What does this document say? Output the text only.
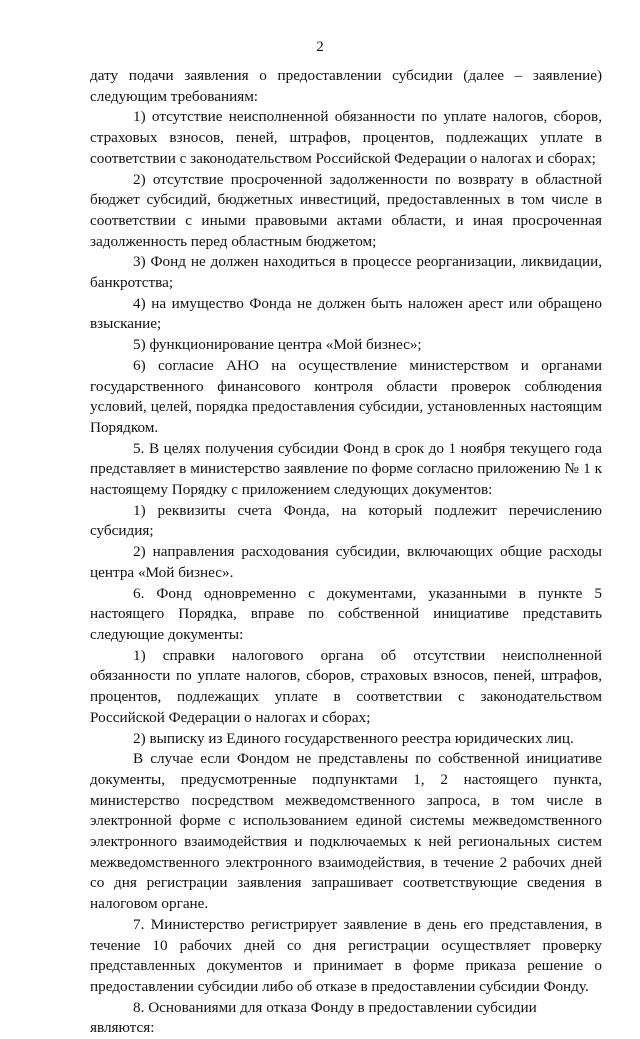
2

дату подачи заявления о предоставлении субсидии (далее – заявление) следующим требованиям:

1) отсутствие неисполненной обязанности по уплате налогов, сборов, страховых взносов, пеней, штрафов, процентов, подлежащих уплате в соответствии с законодательством Российской Федерации о налогах и сборах;

2) отсутствие просроченной задолженности по возврату в областной бюджет субсидий, бюджетных инвестиций, предоставленных в том числе в соответствии с иными правовыми актами области, и иная просроченная задолженность перед областным бюджетом;

3) Фонд не должен находиться в процессе реорганизации, ликвидации, банкротства;

4) на имущество Фонда не должен быть наложен арест или обращено взыскание;

5) функционирование центра «Мой бизнес»;

6) согласие АНО на осуществление министерством и органами государственного финансового контроля области проверок соблюдения условий, целей, порядка предоставления субсидии, установленных настоящим Порядком.

5. В целях получения субсидии Фонд в срок до 1 ноября текущего года представляет в министерство заявление по форме согласно приложению № 1 к настоящему Порядку с приложением следующих документов:

1) реквизиты счета Фонда, на который подлежит перечислению субсидия;

2) направления расходования субсидии, включающих общие расходы центра «Мой бизнес».

6. Фонд одновременно с документами, указанными в пункте 5 настоящего Порядка, вправе по собственной инициативе представить следующие документы:

1) справки налогового органа об отсутствии неисполненной обязанности по уплате налогов, сборов, страховых взносов, пеней, штрафов, процентов, подлежащих уплате в соответствии с законодательством Российской Федерации о налогах и сборах;

2) выписку из Единого государственного реестра юридических лиц.

В случае если Фондом не представлены по собственной инициативе документы, предусмотренные подпунктами 1, 2 настоящего пункта, министерство посредством межведомственного запроса, в том числе в электронной форме с использованием единой системы межведомственного электронного взаимодействия и подключаемых к ней региональных систем межведомственного электронного взаимодействия, в течение 2 рабочих дней со дня регистрации заявления запрашивает соответствующие сведения в налоговом органе.

7. Министерство регистрирует заявление в день его представления, в течение 10 рабочих дней со дня регистрации осуществляет проверку представленных документов и принимает в форме приказа решение о предоставлении субсидии либо об отказе в предоставлении субсидии Фонду.

8. Основаниями для отказа Фонду в предоставлении субсидии являются:
